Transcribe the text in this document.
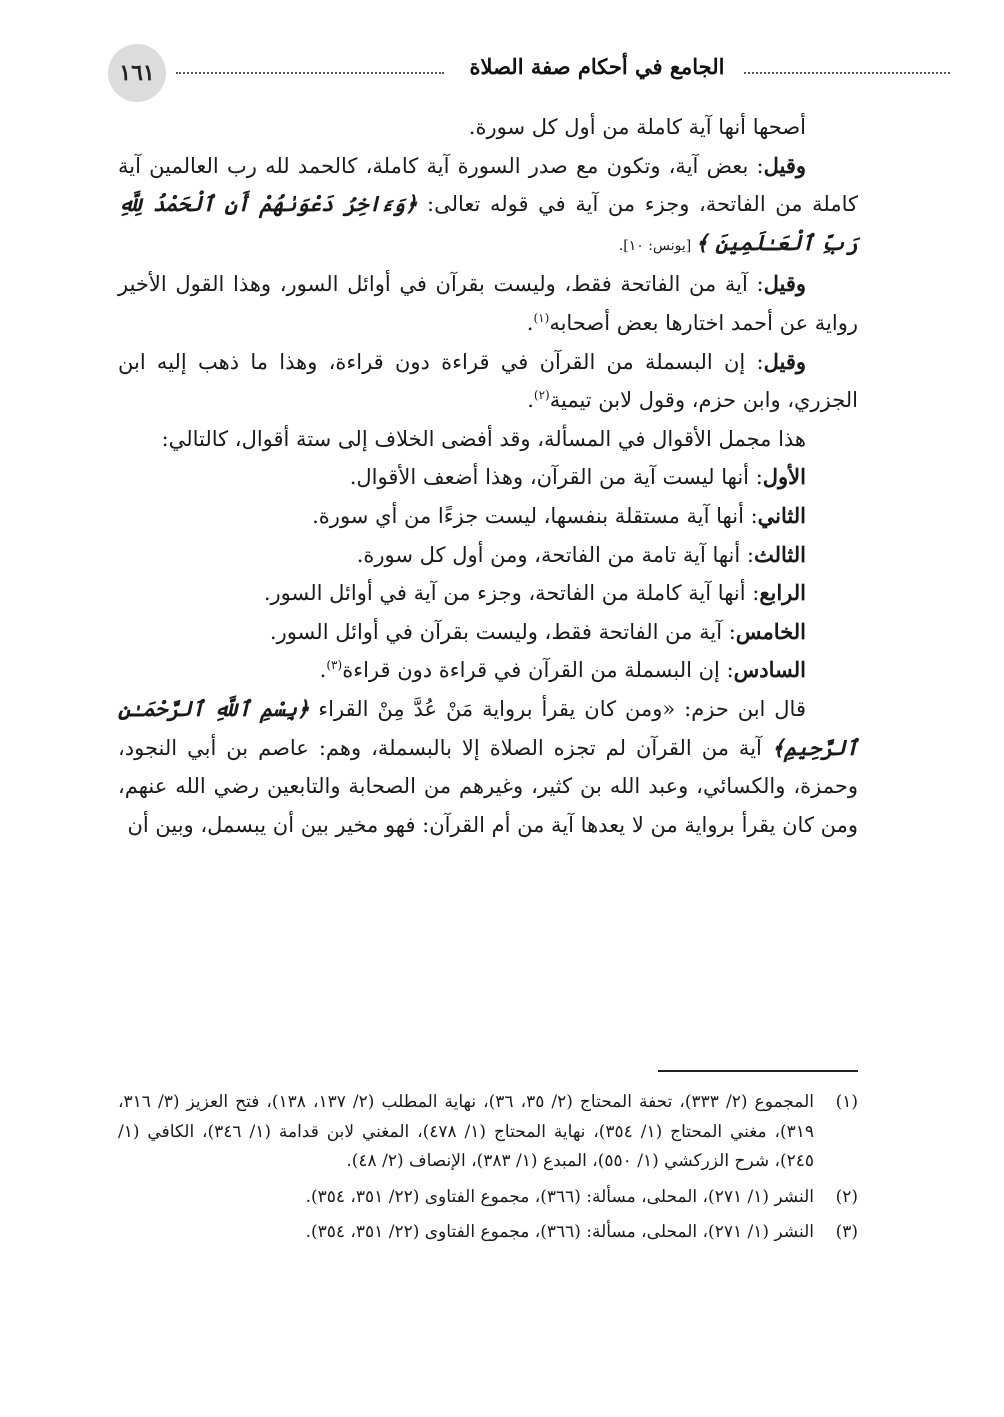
١٦١	الجامع في أحكام صفة الصلاة

أصحها أنها آية كاملة من أول كل سورة.

وقيل: بعض آية، وتكون مع صدر السورة آية كاملة، كالحمد لله رب العالمين آية كاملة من الفاتحة، وجزء من آية في قوله تعالى: ﴿وَءَاخِرُ دَعْوَىٰهُمْ أَنِ ٱلْحَمْدُ لِلَّهِ رَبِّ ٱلْعَـٰلَمِينَ ﴾ [يونس: ١٠].

وقيل: آية من الفاتحة فقط، وليست بقرآن في أوائل السور، وهذا القول الأخير رواية عن أحمد اختارها بعض أصحابه$^{(١)}$.

وقيل: إن البسملة من القرآن في قراءة دون قراءة، وهذا ما ذهب إليه ابن الجزري، وابن حزم، وقول لابن تيمية$^{(٢)}$.

هذا مجمل الأقوال في المسألة، وقد أفضى الخلاف إلى ستة أقوال، كالتالي:

الأول: أنها ليست آية من القرآن، وهذا أضعف الأقوال.

الثاني: أنها آية مستقلة بنفسها، ليست جزءًا من أي سورة.

الثالث: أنها آية تامة من الفاتحة، ومن أول كل سورة.

الرابع: أنها آية كاملة من الفاتحة، وجزء من آية في أوائل السور.

الخامس: آية من الفاتحة فقط، وليست بقرآن في أوائل السور.

السادس: إن البسملة من القرآن في قراءة دون قراءة$^{(٣)}$.

قال ابن حزم: «ومن كان يقرأ برواية مَنْ عُدَّ مِنْ القراء ﴿بِسْمِ ٱللَّهِ ٱلرَّحْمَـٰنِ ٱلرَّحِيمِ﴾ آية من القرآن لم تجزه الصلاة إلا بالبسملة، وهم: عاصم بن أبي النجود، وحمزة، والكسائي، وعبد الله بن كثير، وغيرهم من الصحابة والتابعين رضي الله عنهم، ومن كان يقرأ برواية من لا يعدها آية من أم القرآن: فهو مخير بين أن يبسمل، وبين أن

(١)
المجموع (٢/ ٣٣٣)، تحفة المحتاج (٢/ ٣٥، ٣٦)، نهاية المطلب (٢/ ١٣٧، ١٣٨)، فتح العزيز (٣/ ٣١٦، ٣١٩)، مغني المحتاج (١/ ٣٥٤)، نهاية المحتاج (١/ ٤٧٨)، المغني لابن قدامة (١/ ٣٤٦)، الكافي (١/ ٢٤٥)، شرح الزركشي (١/ ٥٥٠)، المبدع (١/ ٣٨٣)، الإنصاف (٢/ ٤٨).
(٢)
النشر (١/ ٢٧١)، المحلى، مسألة: (٣٦٦)، مجموع الفتاوى (٢٢/ ٣٥١، ٣٥٤).
(٣)
النشر (١/ ٢٧١)، المحلى، مسألة: (٣٦٦)، مجموع الفتاوى (٢٢/ ٣٥١، ٣٥٤).
